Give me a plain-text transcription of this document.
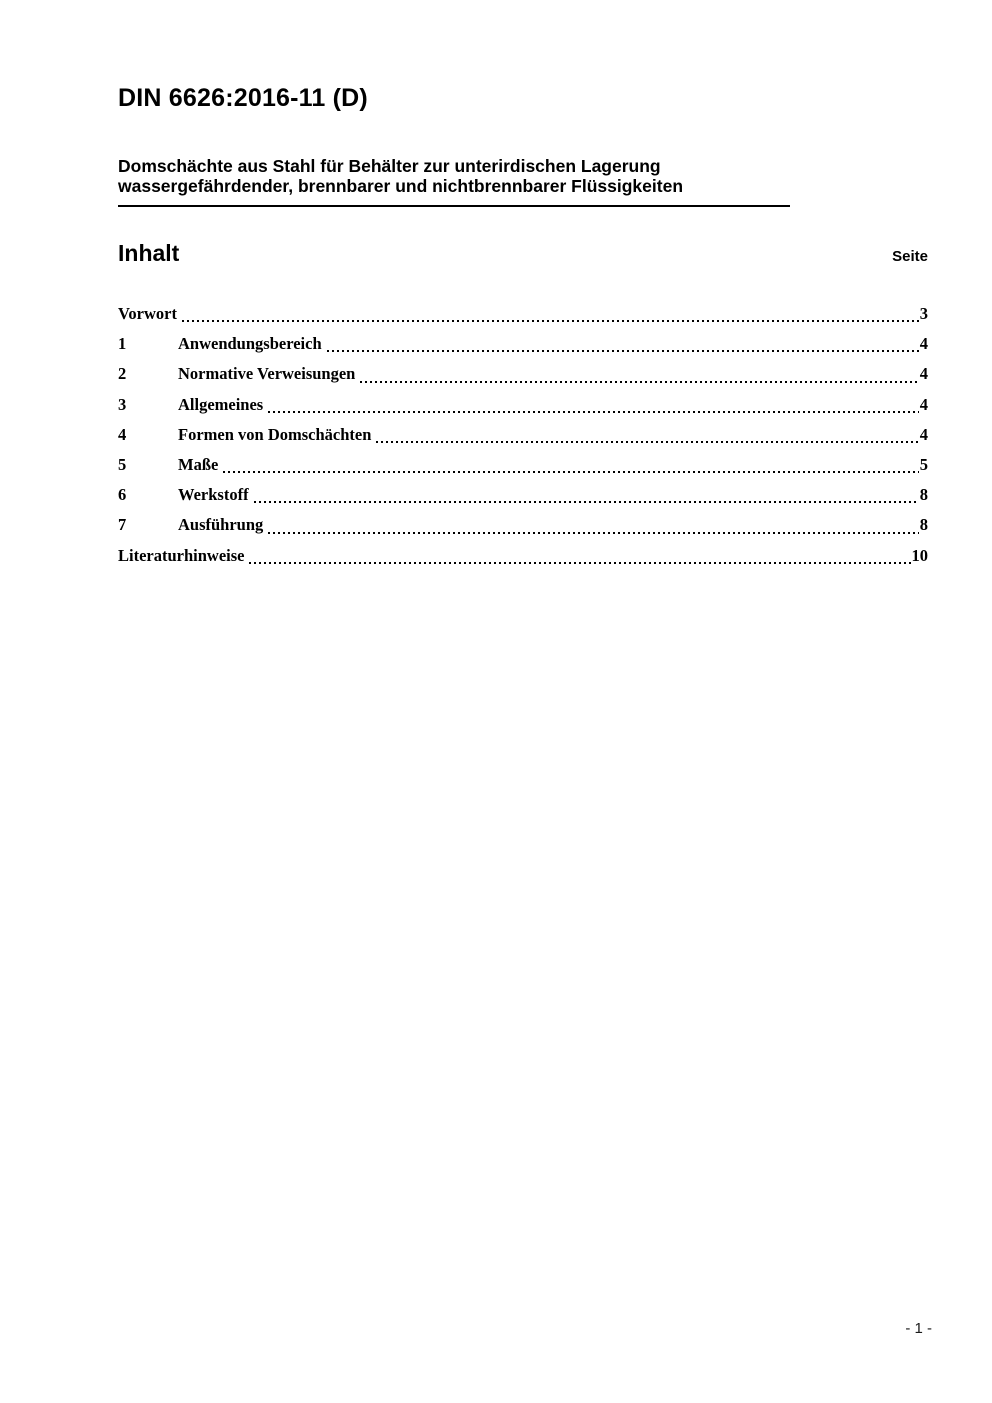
DIN 6626:2016-11 (D)
Domschächte aus Stahl für Behälter zur unterirdischen Lagerung
wassergefährdender, brennbarer und nichtbrennbarer Flüssigkeiten
Inhalt	Seite
Vorwort	3
1	Anwendungsbereich	4
2	Normative Verweisungen	4
3	Allgemeines	4
4	Formen von Domschächten	4
5	Maße	5
6	Werkstoff	8
7	Ausführung	8
Literaturhinweise	10
- 1 -
